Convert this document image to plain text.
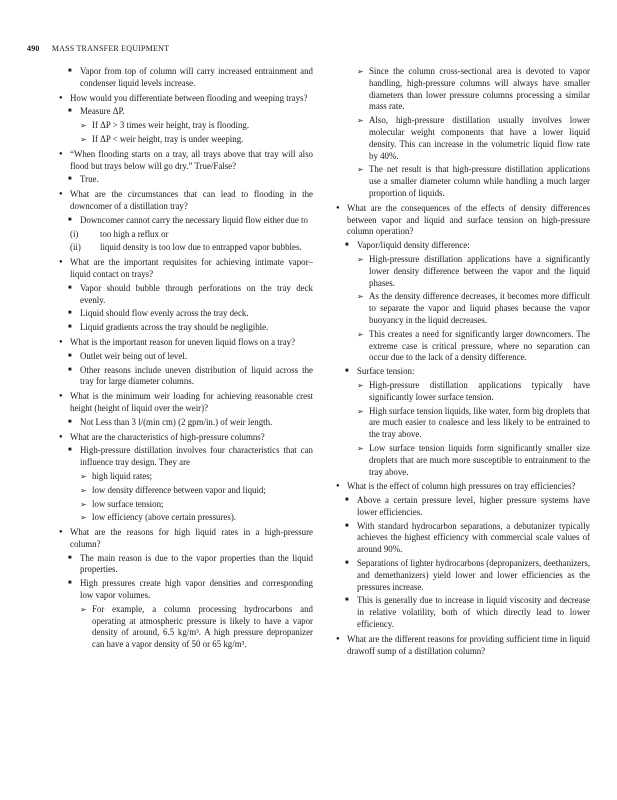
490 MASS TRANSFER EQUIPMENT
■ Vapor from top of column will carry increased entrainment and condenser liquid levels increase.
● How would you differentiate between flooding and weeping trays?
■ Measure ΔP.
➢ If ΔP > 3 times weir height, tray is flooding.
➢ If ΔP < weir height, tray is under weeping.
● “When flooding starts on a tray, all trays above that tray will also flood but trays below will go dry.” True/False?
■ True.
● What are the circumstances that can lead to flooding in the downcomer of a distillation tray?
■ Downcomer cannot carry the necessary liquid flow either due to
(i) too high a reflux or
(ii) liquid density is too low due to entrapped vapor bubbles.
● What are the important requisites for achieving intimate vapor–liquid contact on trays?
■ Vapor should bubble through perforations on the tray deck evenly.
■ Liquid should flow evenly across the tray deck.
■ Liquid gradients across the tray should be negligible.
● What is the important reason for uneven liquid flows on a tray?
■ Outlet weir being out of level.
■ Other reasons include uneven distribution of liquid across the tray for large diameter columns.
● What is the minimum weir loading for achieving reasonable crest height (height of liquid over the weir)?
■ Not Less than 3 l/(min cm) (2 gpm/in.) of weir length.
● What are the characteristics of high-pressure columns?
■ High-pressure distillation involves four characteristics that can influence tray design. They are
➢ high liquid rates;
➢ low density difference between vapor and liquid;
➢ low surface tension;
➢ low efficiency (above certain pressures).
● What are the reasons for high liquid rates in a high-pressure column?
■ The main reason is due to the vapor properties than the liquid properties.
■ High pressures create high vapor densities and corresponding low vapor volumes.
➢ For example, a column processing hydrocarbons and operating at atmospheric pressure is likely to have a vapor density of around, 6.5 kg/m³. A high pressure depropanizer can have a vapor density of 50 or 65 kg/m³.
➢ Since the column cross-sectional area is devoted to vapor handling, high-pressure columns will always have smaller diameters than lower pressure columns processing a similar mass rate.
➢ Also, high-pressure distillation usually involves lower molecular weight components that have a lower liquid density. This can increase in the volumetric liquid flow rate by 40%.
➢ The net result is that high-pressure distillation applications use a smaller diameter column while handling a much larger proportion of liquids.
● What are the consequences of the effects of density differences between vapor and liquid and surface tension on high-pressure column operation?
■ Vapor/liquid density difference:
➢ High-pressure distillation applications have a significantly lower density difference between the vapor and the liquid phases.
➢ As the density difference decreases, it becomes more difficult to separate the vapor and liquid phases because the vapor buoyancy in the liquid decreases.
➢ This creates a need for significantly larger downcomers. The extreme case is critical pressure, where no separation can occur due to the lack of a density difference.
■ Surface tension:
➢ High-pressure distillation applications typically have significantly lower surface tension.
➢ High surface tension liquids, like water, form big droplets that are much easier to coalesce and less likely to be entrained to the tray above.
➢ Low surface tension liquids form significantly smaller size droplets that are much more susceptible to entrainment to the tray above.
● What is the effect of column high pressures on tray efficiencies?
■ Above a certain pressure level, higher pressure systems have lower efficiencies.
■ With standard hydrocarbon separations, a debutanizer typically achieves the highest efficiency with commercial scale values of around 90%.
■ Separations of lighter hydrocarbons (depropanizers, deethanizers, and demethanizers) yield lower and lower efficiencies as the pressures increase.
■ This is generally due to increase in liquid viscosity and decrease in relative volatility, both of which directly lead to lower efficiency.
● What are the different reasons for providing sufficient time in liquid drawoff sump of a distillation column?
